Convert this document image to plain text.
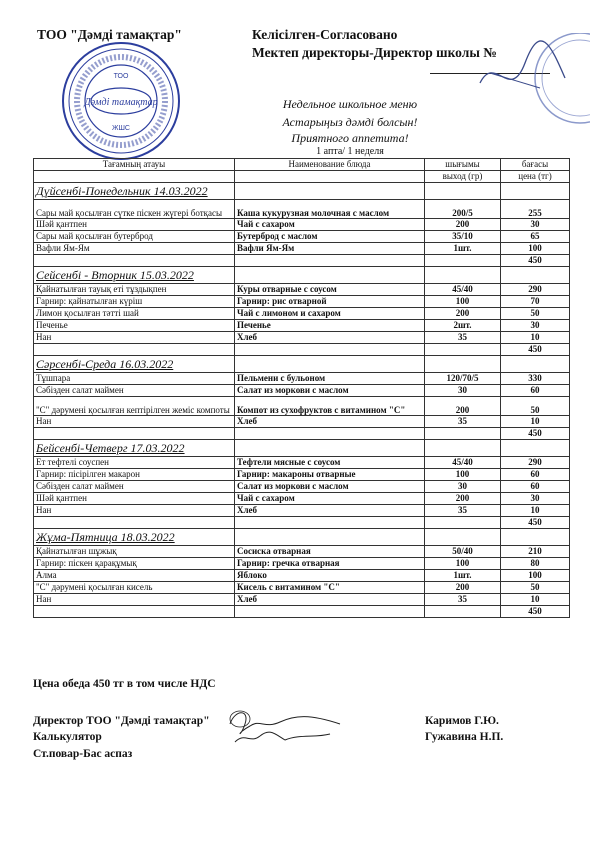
ТОО "Дәмді тамақтар"	Келісілген-Согласовано
Мектеп директоры-Директор школы №
ТОО
Дәмді тамақтар
ЖШС
Недельное школьное меню
Астарыңыз дәмді болсын!
Приятного аппетита!
1 апта/ 1 неделя
Тағамның атауы	Наименование блюда	шығымы	бағасы
		выход (гр)	цена (тг)
Дүйсенбі-Понедельник 14.03.2022			
Сары май қосылған сүтке піскен жүгері ботқасы	Каша кукурузная молочная с маслом	200/5	255
Шәй қантпен	Чай с сахаром	200	30
Сары май қосылған бутерброд	Бутерброд с маслом	35/10	65
Вафли Ям-Ям	Вафли Ям-Ям	1шт.	100
			450
Сейсенбі - Вторник 15.03.2022			
Қайнатылған тауық еті тұздықпен	Куры отварные с соусом	45/40	290
Гарнир: қайнатылған күріш	Гарнир: рис отварной	100	70
Лимон қосылған тәтті шай	Чай с лимоном и сахаром	200	50
Печенье	Печенье	2шт.	30
Нан	Хлеб	35	10
			450
Сәрсенбі-Среда 16.03.2022			
Тұшпара	Пельмени с бульоном	120/70/5	330
Сәбізден салат маймен	Салат из моркови с маслом	30	60
"С" дәрумені қосылған кептірілген жеміс компоты	Компот из сухофруктов с витамином "С"	200	50
Нан	Хлеб	35	10
			450
Бейсенбі-Четверг 17.03.2022			
Ет тефтелі соуспен	Тефтели мясные с соусом	45/40	290
Гарнир: пісірілген макарон	Гарнир: макароны отварные	100	60
Сәбізден салат маймен	Салат из моркови с маслом	30	60
Шәй қантпен	Чай с сахаром	200	30
Нан	Хлеб	35	10
			450
Жұма-Пятница 18.03.2022			
Қайнатылған шұжық	Сосиска отварная	50/40	210
Гарнир: піскен қарақұмық	Гарнир: гречка отварная	100	80
Алма	Яблоко	1шт.	100
"С" дәрумені қосылған кисель	Кисель с витамином "С"	200	50
Нан	Хлеб	35	10
			450
Цена обеда 450 тг в том числе НДС
Директор ТОО "Дәмді тамақтар"
Калькулятор
Ст.повар-Бас аспаз
Каримов Г.Ю.
Гужавина Н.П.
